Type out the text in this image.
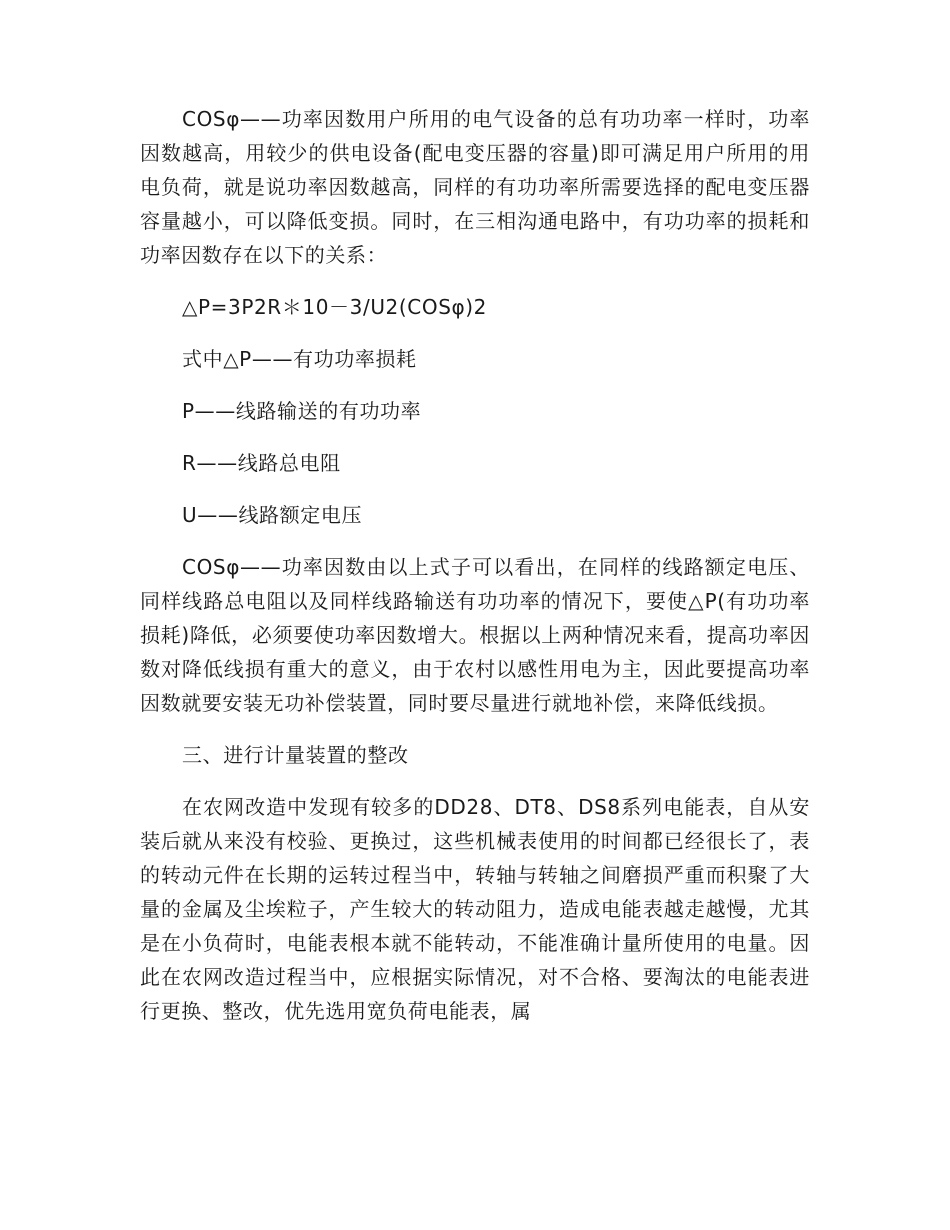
COSφ——功率因数用户所用的电气设备的总有功功率一样时，功率因数越高，用较少的供电设备(配电变压器的容量)即可满足用户所用的用电负荷，就是说功率因数越高，同样的有功功率所需要选择的配电变压器容量越小，可以降低变损。同时，在三相沟通电路中，有功功率的损耗和功率因数存在以下的关系：

△P=3P2R＊10－3/U2(COSφ)2

式中△P——有功功率损耗

P——线路输送的有功功率

R——线路总电阻

U——线路额定电压

COSφ——功率因数由以上式子可以看出，在同样的线路额定电压、同样线路总电阻以及同样线路输送有功功率的情况下，要使△P(有功功率损耗)降低，必须要使功率因数增大。根据以上两种情况来看，提高功率因数对降低线损有重大的意义，由于农村以感性用电为主，因此要提高功率因数就要安装无功补偿装置，同时要尽量进行就地补偿，来降低线损。

三、进行计量装置的整改

在农网改造中发现有较多的DD28、DT8、DS8系列电能表，自从安装后就从来没有校验、更换过，这些机械表使用的时间都已经很长了，表的转动元件在长期的运转过程当中，转轴与转轴之间磨损严重而积聚了大量的金属及尘埃粒子，产生较大的转动阻力，造成电能表越走越慢，尤其是在小负荷时，电能表根本就不能转动，不能准确计量所使用的电量。因此在农网改造过程当中，应根据实际情况，对不合格、要淘汰的电能表进行更换、整改，优先选用宽负荷电能表，属
